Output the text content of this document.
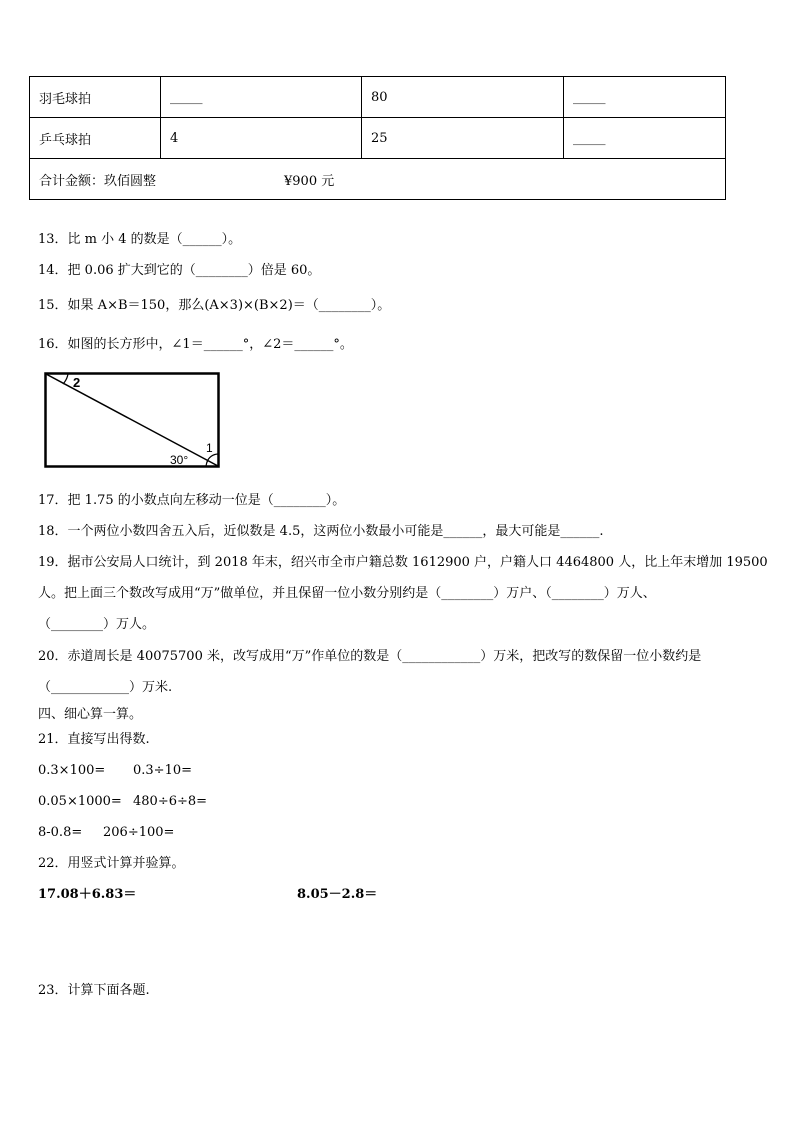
羽毛球拍	_____	80	_____
乒乓球拍	4	25	_____
合计金额：玖佰圆整 ¥900 元			
13．比 m 小 4 的数是（______）。
14．把 0.06 扩大到它的（________）倍是 60。
15．如果 A×B＝150，那么(A×3)×(B×2)＝（________）。
16．如图的长方形中，∠1＝______°，∠2＝______°。
2
1
30°
17．把 1.75 的小数点向左移动一位是（________）。
18．一个两位小数四舍五入后，近似数是 4.5，这两位小数最小可能是______，最大可能是______.
19．据市公安局人口统计，到 2018 年末，绍兴市全市户籍总数 1612900 户，户籍人口 4464800 人，比上年末增加 19500
人。把上面三个数改写成用“万”做单位，并且保留一位小数分别约是（________）万户、（________）万人、
（________）万人。
20．赤道周长是 40075700 米，改写成用“万”作单位的数是（____________）万米，把改写的数保留一位小数约是
（____________）万米.
四、细心算一算。
21．直接写出得数.
0.3×100= 0.3÷10=
0.05×1000= 480÷6÷8=
8-0.8= 206÷100=
22．用竖式计算并验算。
17.08＋6.83＝	8.05－2.8＝
23．计算下面各题.
